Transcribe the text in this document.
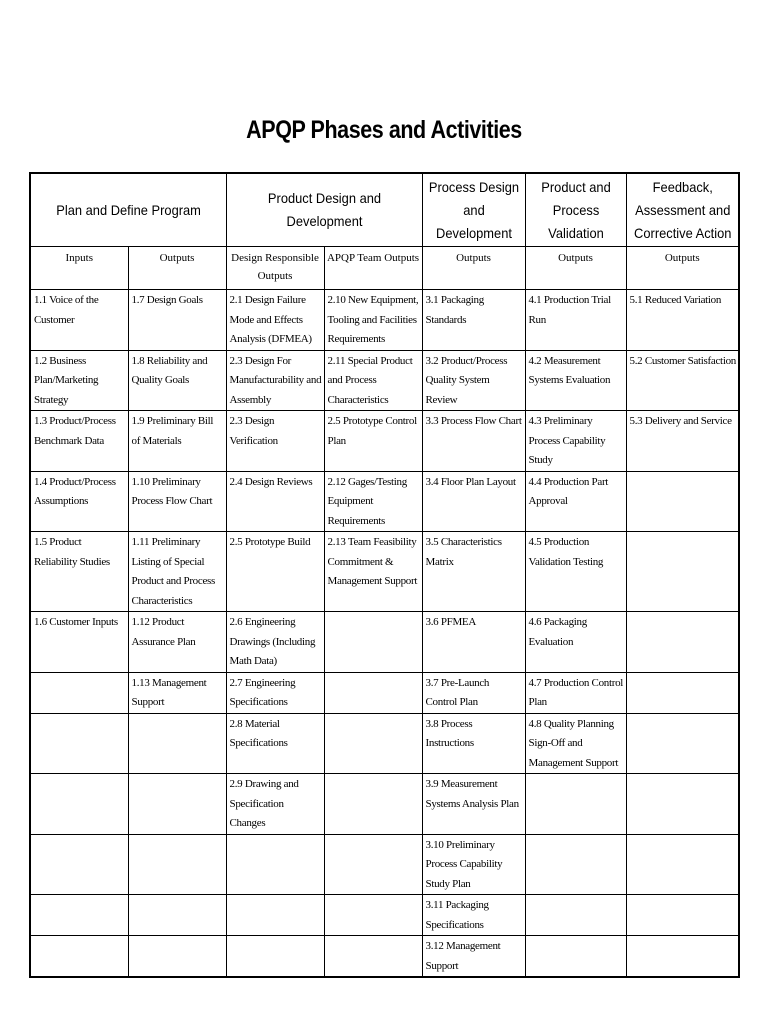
APQP Phases and Activities
Plan and Define Program		Product Design and Development		Process Design and Development	Product and Process Validation	Feedback, Assessment and Corrective Action
Inputs	Outputs	Design Responsible Outputs	APQP Team Outputs	Outputs	Outputs	Outputs
1.1 Voice of the Customer	1.7 Design Goals	2.1 Design Failure Mode and Effects Analysis (DFMEA)	2.10 New Equipment, Tooling and Facilities Requirements	3.1 Packaging Standards	4.1 Production Trial Run	5.1 Reduced Variation
1.2 Business Plan/Marketing Strategy	1.8 Reliability and Quality Goals	2.3 Design For Manufacturability and Assembly	2.11 Special Product and Process Characteristics	3.2 Product/Process Quality System Review	4.2 Measurement Systems Evaluation	5.2 Customer Satisfaction
1.3 Product/Process Benchmark Data	1.9 Preliminary Bill of Materials	2.3 Design Verification	2.5 Prototype Control Plan	3.3 Process Flow Chart	4.3 Preliminary Process Capability Study	5.3 Delivery and Service
1.4 Product/Process Assumptions	1.10 Preliminary Process Flow Chart	2.4 Design Reviews	2.12 Gages/Testing Equipment Requirements	3.4 Floor Plan Layout	4.4 Production Part Approval	
1.5 Product Reliability Studies	1.11 Preliminary Listing of Special Product and Process Characteristics	2.5 Prototype Build	2.13 Team Feasibility Commitment & Management Support	3.5 Characteristics Matrix	4.5 Production Validation Testing	
1.6 Customer Inputs	1.12 Product Assurance Plan	2.6 Engineering Drawings (Including Math Data)		3.6 PFMEA	4.6 Packaging Evaluation	
	1.13 Management Support	2.7 Engineering Specifications		3.7 Pre-Launch Control Plan	4.7 Production Control Plan	
		2.8 Material Specifications		3.8 Process Instructions	4.8 Quality Planning Sign-Off and Management Support	
		2.9 Drawing and Specification Changes		3.9 Measurement Systems Analysis Plan		
				3.10 Preliminary Process Capability Study Plan		
				3.11 Packaging Specifications		
				3.12 Management Support		
